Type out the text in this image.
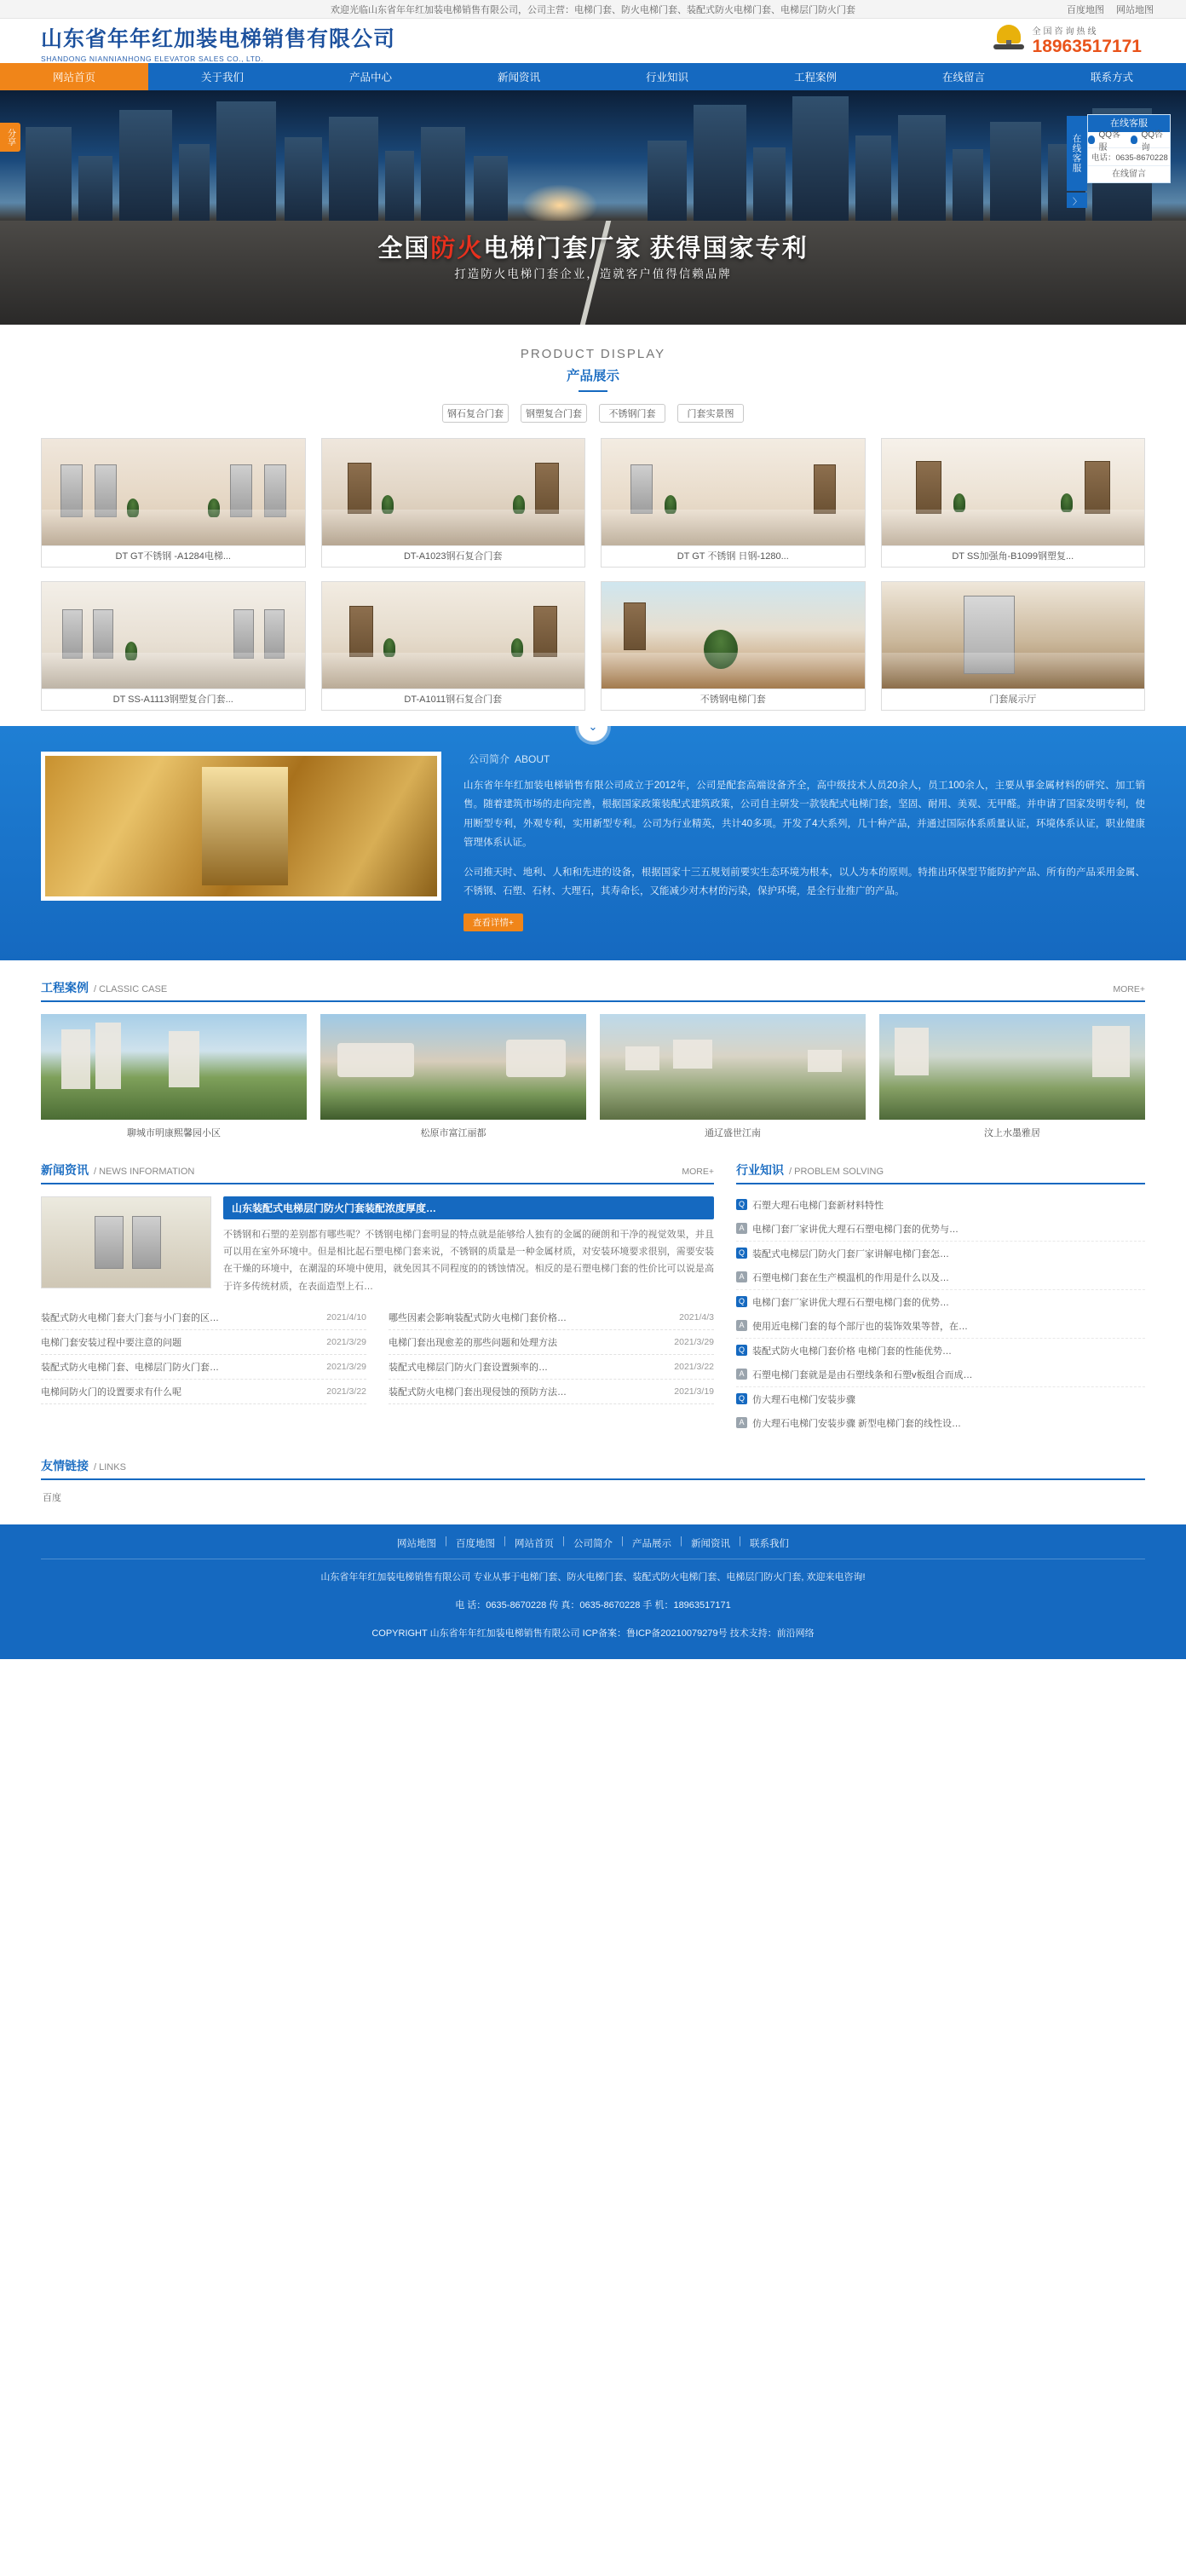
欢迎光临山东省年年红加装电梯销售有限公司，公司主营：电梯门套、防火电梯门套、装配式防火电梯门套、电梯层门防火门套	百度地图 网站地图
山东省年年红加装电梯销售有限公司
SHANDONG NIANNIANHONG ELEVATOR SALES CO., LTD.
全国咨询热线
18963517171
网站首页	关于我们	产品中心	新闻资讯	行业知识	工程案例	在线留言	联系方式
分享
全国防火电梯门套厂家 获得国家专利
打造防火电梯门套企业，造就客户值得信赖品牌
在线客服
〉
在线客服
QQ客服
QQ咨询
电话：0635-8670228
在线留言
PRODUCT DISPLAY
产品展示
钢石复合门套	钢塑复合门套	不锈钢门套	门套实景图
DT GT不锈钢 -A1284电梯...	DT-A1023钢石复合门套	DT GT 不锈钢 日钢-1280...	DT SS加强角-B1099钢塑复...
DT SS-A1113钢塑复合门套...	DT-A1011钢石复合门套	不锈钢电梯门套	门套展示厅
⌄
公司简介 ABOUT
山东省年年红加装电梯销售有限公司成立于2012年，公司是配套高端设备齐全，高中级技术人员20余人，员工100余人，主要从事金属材料的研究、加工销售。随着建筑市场的走向完善，根据国家政策装配式建筑政策，公司自主研发一款装配式电梯门套，坚固、耐用、美观、无甲醛。并申请了国家发明专利，使用断型专利，外观专利，实用新型专利。公司为行业精英，共计40多项。开发了4大系列，几十种产品，并通过国际体系质量认证，环境体系认证，职业健康管理体系认证。
公司推天时、地利、人和和先进的设备，根据国家十三五规划前要实生态环境为根本，以人为本的原则。特推出环保型节能防护产品、所有的产品采用金属、不锈钢、石塑、石材、大理石，其寿命长，又能减少对木材的污染，保护环境，是全行业推广的产品。
查看详情+
工程案例 / CLASSIC CASE	MORE+
聊城市明康熙馨园小区	松原市富江丽都	通辽盛世江南	汶上水墨雅居
新闻资讯 / NEWS INFORMATION	MORE+
山东装配式电梯层门防火门套装配浓度厚度…
不锈钢和石塑的差别都有哪些呢？不锈钢电梯门套明显的特点就是能够给人独有的金属的硬朗和干净的视觉效果，并且可以用在室外环境中。但是相比起石塑电梯门套来说，不锈钢的质量是一种金属材质，对安装环境要求很别，需要安装在干燥的环境中，在潮湿的环境中使用，就免因其不同程度的的锈蚀情况。相反的是石塑电梯门套的性价比可以说是高于许多传统材质，在表面造型上石…
装配式防火电梯门套大门套与小门套的区…	2021/4/10 哪些因素会影响装配式防火电梯门套价格…	2021/4/3
电梯门套安装过程中要注意的问题	2021/3/29 电梯门套出现愈差的那些问题和处理方法	2021/3/29
装配式防火电梯门套、电梯层门防火门套…	2021/3/29 装配式电梯层门防火门套设置频率的…	2021/3/22
电梯间防火门的设置要求有什么呢	2021/3/22 装配式防火电梯门套出现侵蚀的预防方法…	2021/3/19
行业知识 / PROBLEM SOLVING
Q 石塑大理石电梯门套新材料特性
A 电梯门套厂家讲优大理石石塑电梯门套的优势与…
Q 装配式电梯层门防火门套厂家讲解电梯门套怎…
A 石塑电梯门套在生产模温机的作用是什么以及…
Q 电梯门套厂家讲优大理石石塑电梯门套的优势…
A 使用近电梯门套的每个部厅也的装饰效果等替，在…
Q 装配式防火电梯门套价格 电梯门套的性能优势…
A 石塑电梯门套就是是由石塑线条和石塑v板组合而成…
Q 仿大理石电梯门安装步骤
A 仿大理石电梯门安装步骤 新型电梯门套的线性设…
友情链接 / LINKS
百度
网站地图 | 百度地图 | 网站首页 | 公司简介 | 产品展示 | 新闻资讯 | 联系我们
山东省年年红加装电梯销售有限公司 专业从事于电梯门套、防火电梯门套、装配式防火电梯门套、电梯层门防火门套, 欢迎来电咨询!
电 话：0635-8670228 传 真：0635-8670228 手 机：18963517171
COPYRIGHT 山东省年年红加装电梯销售有限公司 ICP备案：鲁ICP备20210079279号 技术支持：前沿网络
